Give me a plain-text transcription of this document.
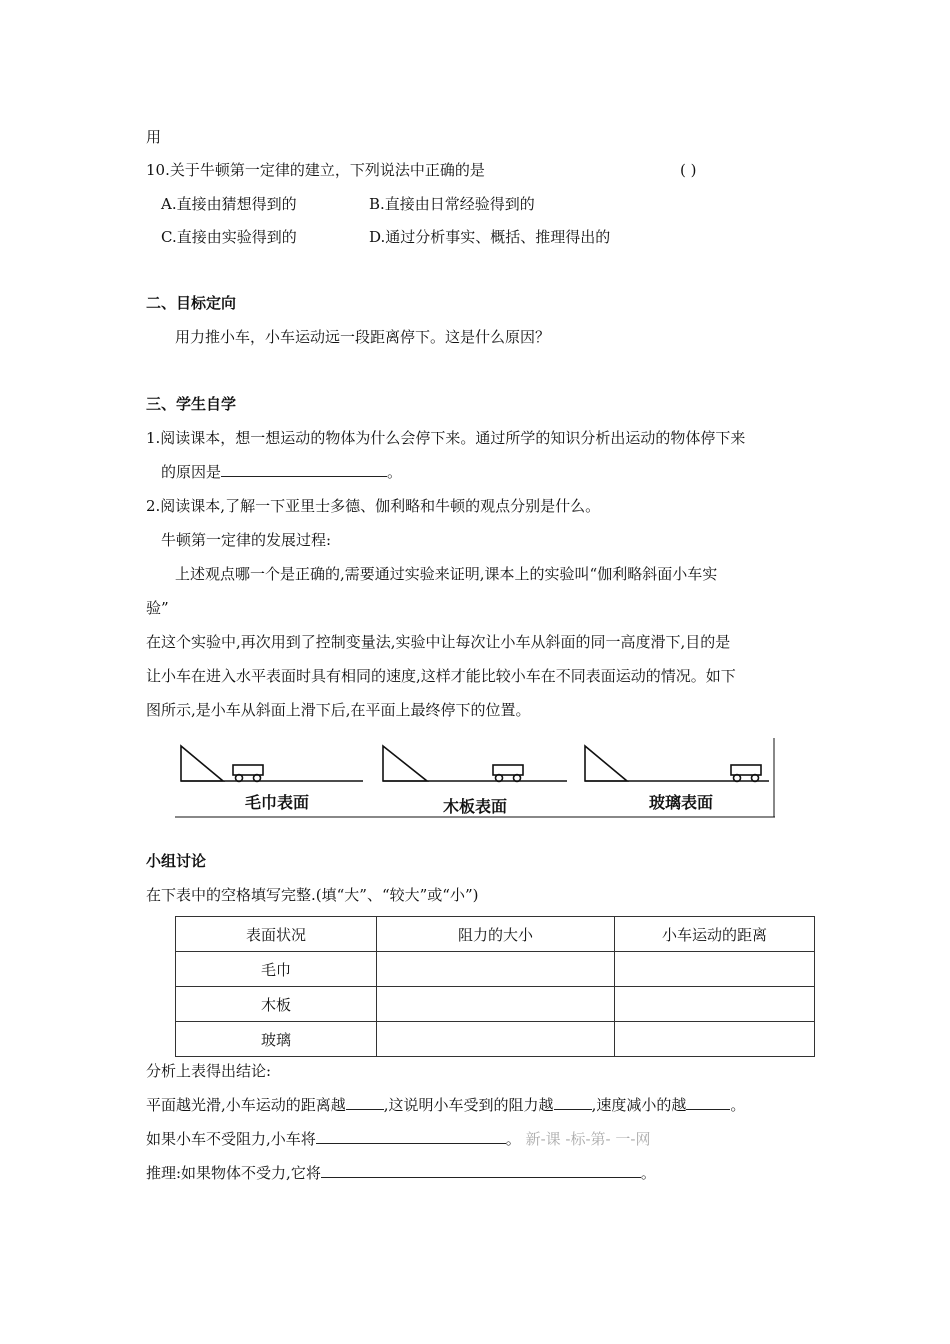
用
10.关于牛顿第一定律的建立，下列说法中正确的是	( )
A.直接由猜想得到的	B.直接由日常经验得到的
C.直接由实验得到的	D.通过分析事实、概括、推理得出的
二、目标定向
用力推小车，小车运动远一段距离停下。这是什么原因？
三、学生自学
1.阅读课本，想一想运动的物体为什么会停下来。通过所学的知识分析出运动的物体停下来
的原因是	。
2.阅读课本,了解一下亚里士多德、伽利略和牛顿的观点分别是什么。
牛顿第一定律的发展过程:
上述观点哪一个是正确的,需要通过实验来证明,课本上的实验叫“伽利略斜面小车实
验”
在这个实验中,再次用到了控制变量法,实验中让每次让小车从斜面的同一高度滑下,目的是
让小车在进入水平表面时具有相同的速度,这样才能比较小车在不同表面运动的情况。如下
图所示,是小车从斜面上滑下后,在平面上最终停下的位置。
毛巾表面	木板表面	玻璃表面
小组讨论
在下表中的空格填写完整.(填“大”、“较大”或“小”)
表面状况	阻力的大小	小车运动的距离
毛巾		
木板		
玻璃		
分析上表得出结论:
平面越光滑,小车运动的距离越	,这说明小车受到的阻力越	,速度减小的越	。
如果小车不受阻力,小车将	。 新-课 -标-第- 一-网
推理:如果物体不受力,它将	。
